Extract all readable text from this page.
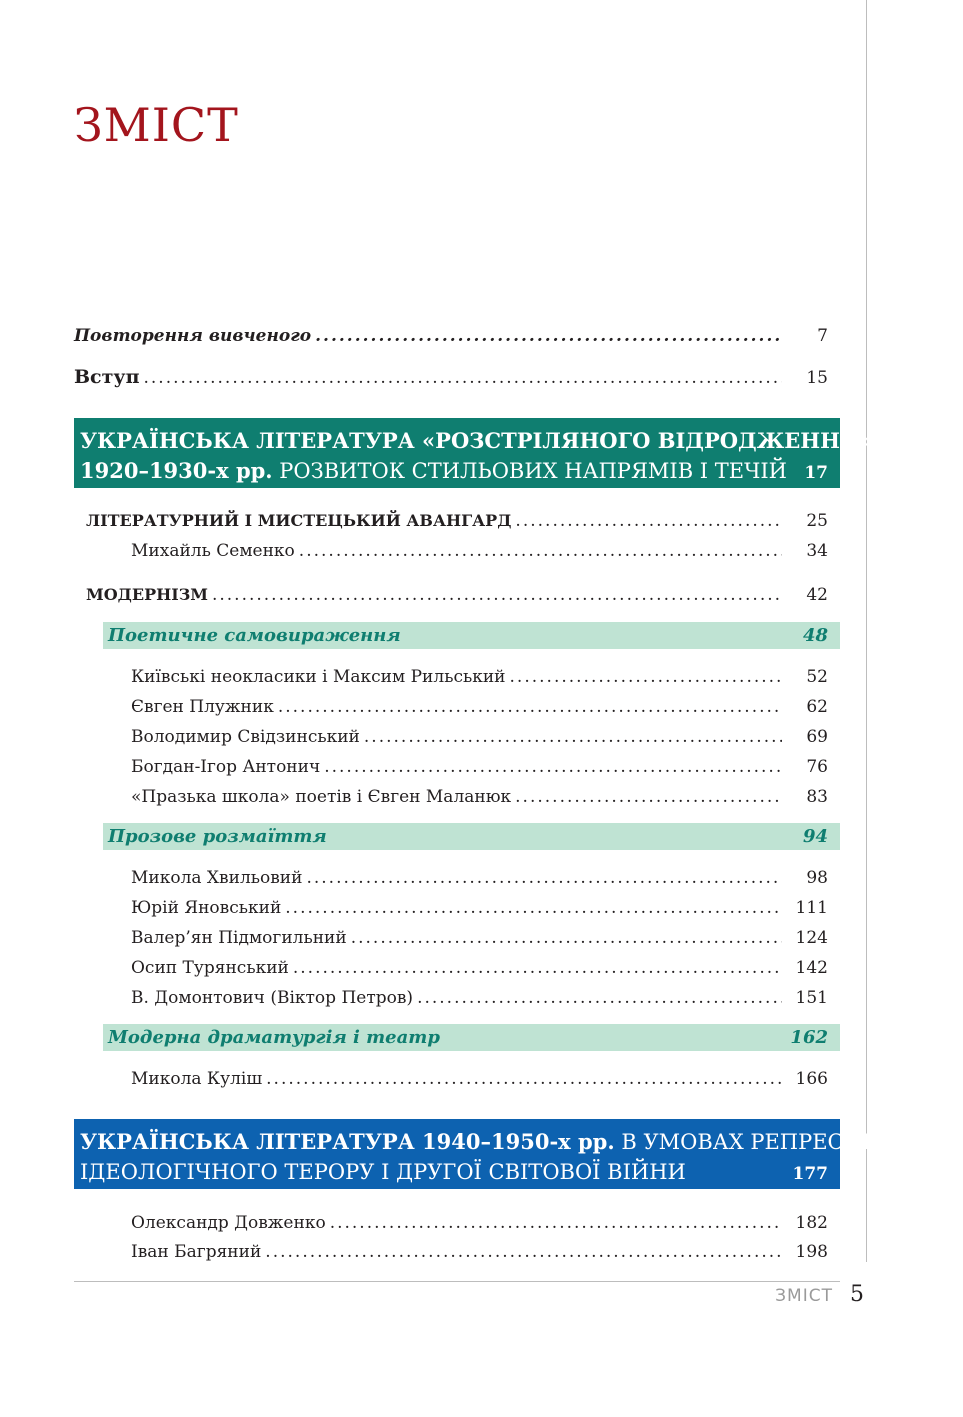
ЗМІСТ
Повторення вивченого .....	7
Вступ .....	15
УКРАЇНСЬКА ЛІТЕРАТУРА «РОЗСТРІЛЯНОГО ВІДРОДЖЕННЯ»
1920–1930-х рр. РОЗВИТОК СТИЛЬОВИХ НАПРЯМІВ І ТЕЧІЙ 17
ЛІТЕРАТУРНИЙ І МИСТЕЦЬКИЙ АВАНГАРД .....	25
Михайль Семенко .....	34
МОДЕРНІЗМ .....	42
Поетичне самовираження	48
Київські неокласики і Максим Рильський .....	52
Євген Плужник .....	62
Володимир Свідзинський .....	69
Богдан-Ігор Антонич .....	76
«Празька школа» поетів і Євген Маланюк .....	83
Прозове розмаїття	94
Микола Хвильовий .....	98
Юрій Яновський .....	111
Валер’ян Підмогильний .....	124
Осип Турянський .....	142
В. Домонтович (Віктор Петров) .....	151
Модерна драматургія і театр	162
Микола Куліш .....	166
УКРАЇНСЬКА ЛІТЕРАТУРА 1940–1950-х рр. В УМОВАХ РЕПРЕСІЙ,
ІДЕОЛОГІЧНОГО ТЕРОРУ І ДРУГОЇ СВІТОВОЇ ВІЙНИ	177
Олександр Довженко .....	182
Іван Багряний .....	198
ЗМІСТ 5
